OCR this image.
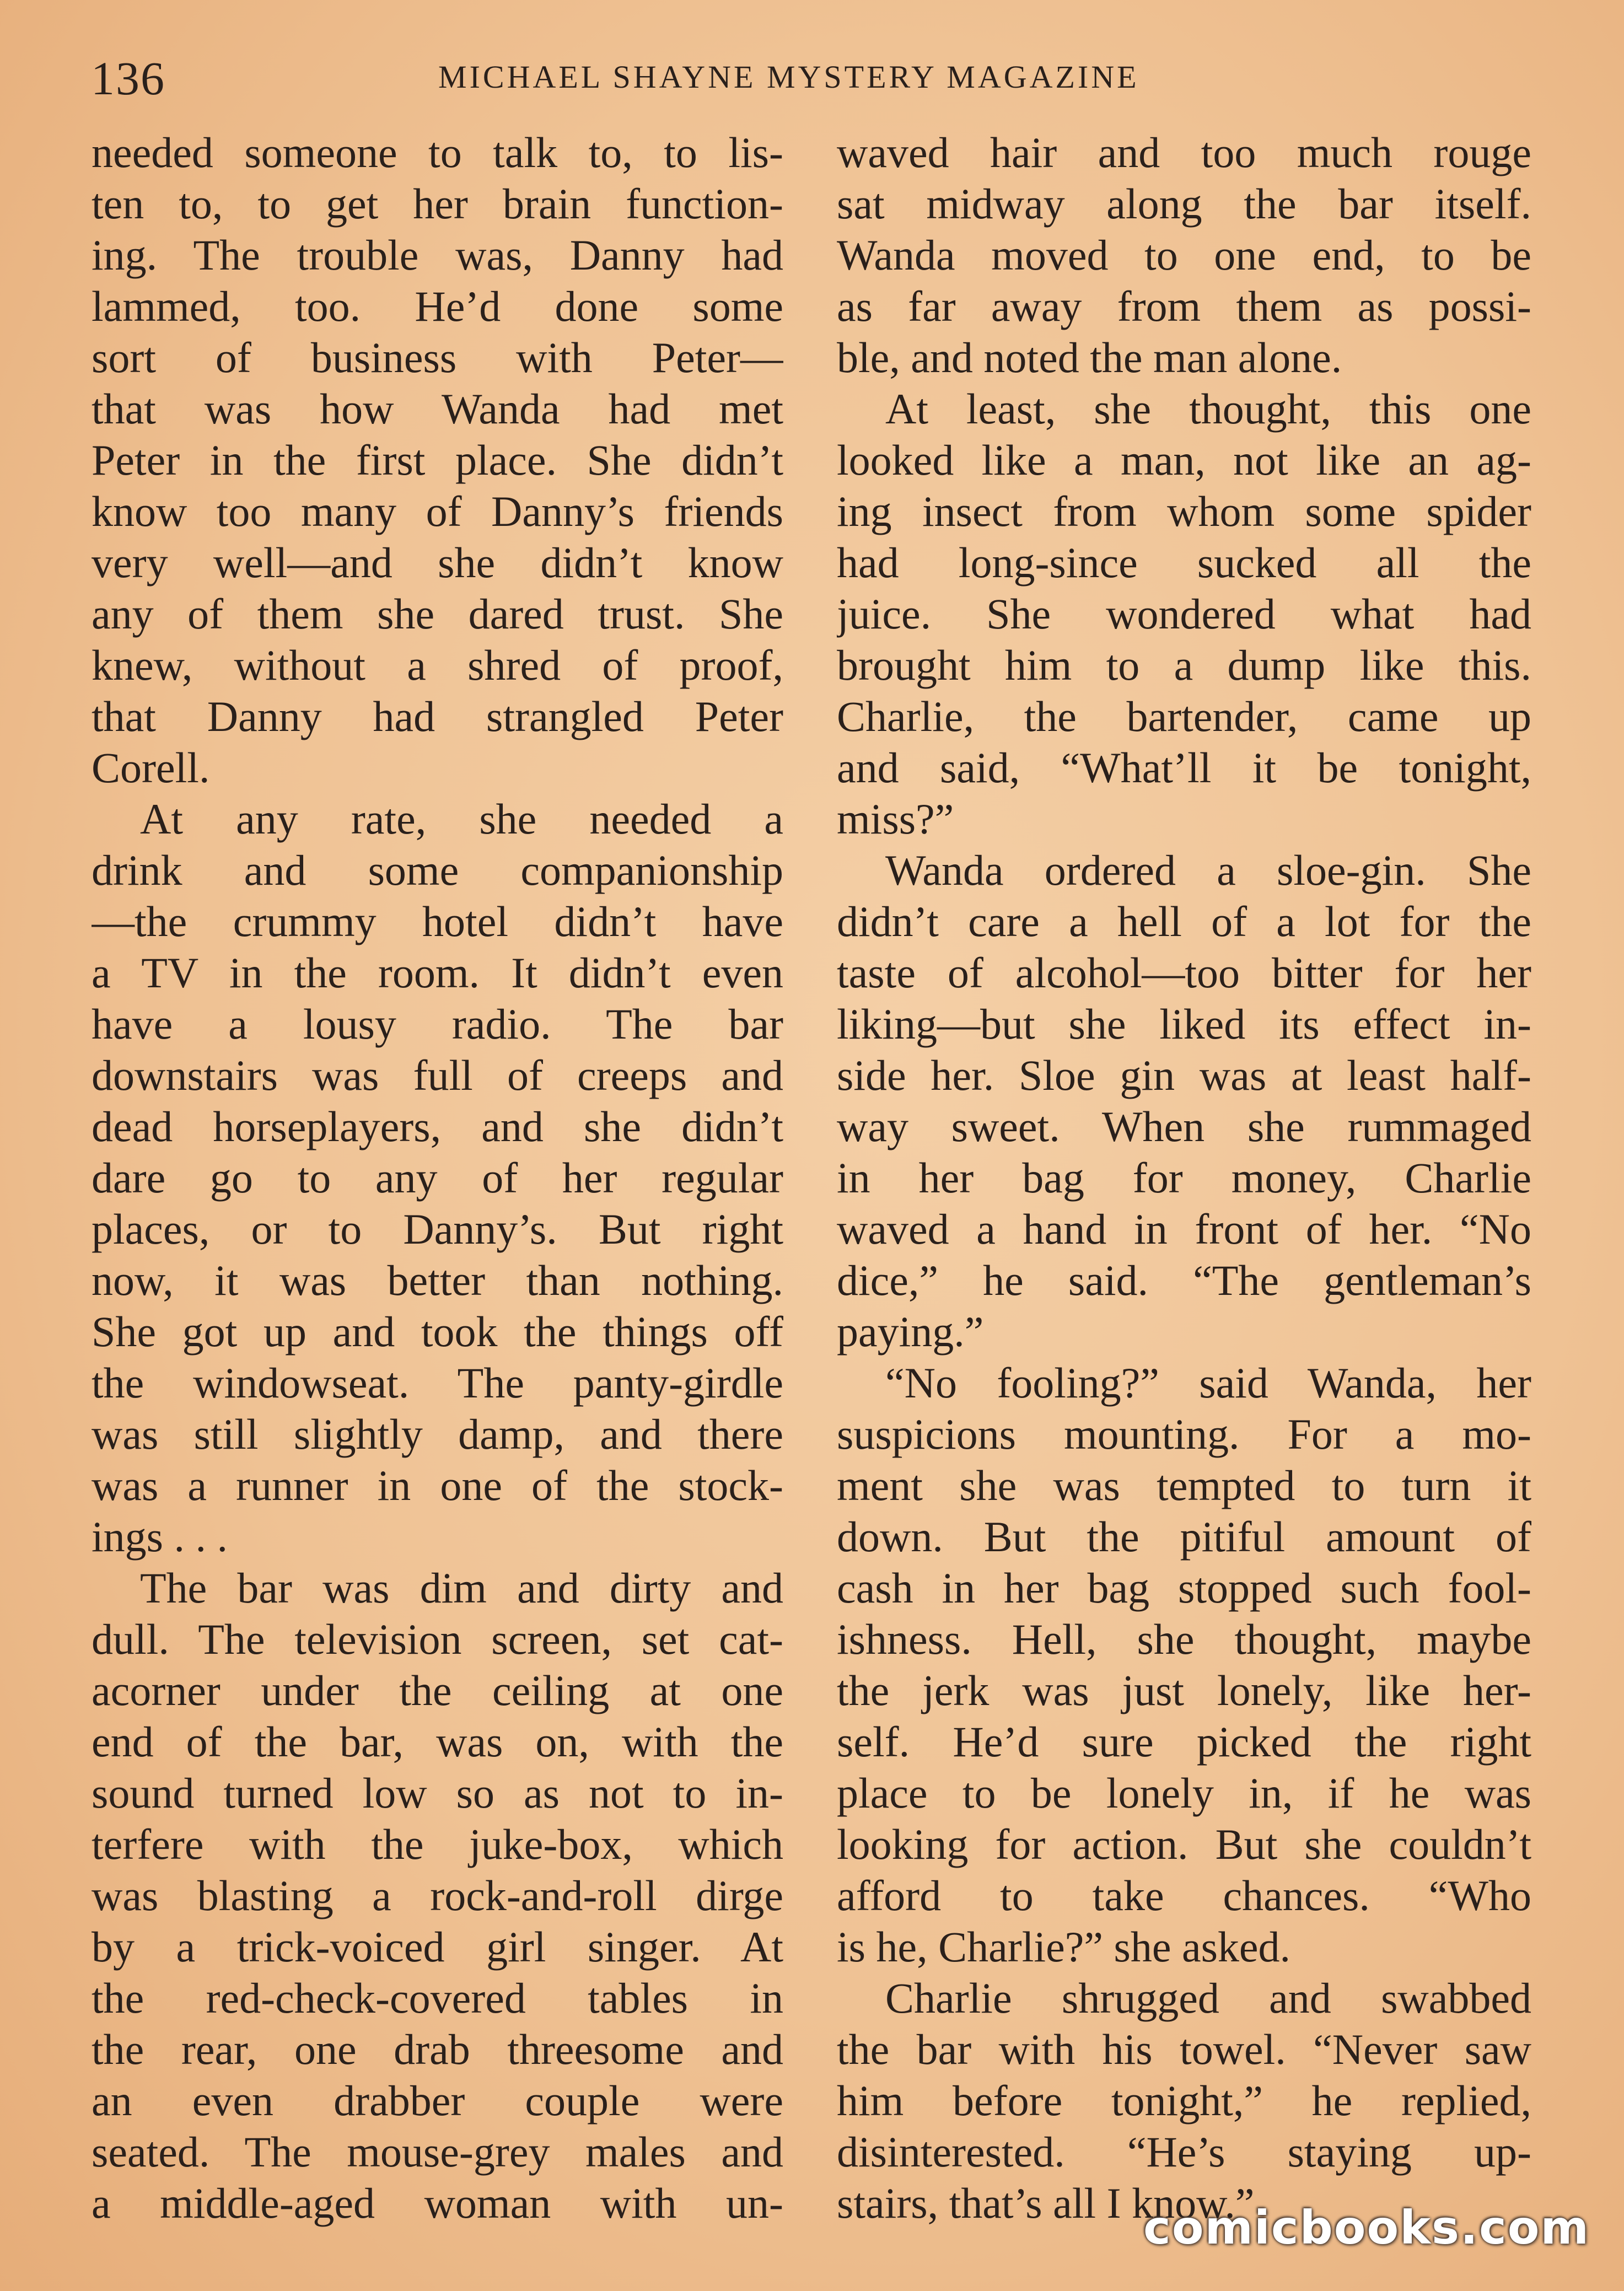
136	MICHAEL SHAYNE MYSTERY MAGAZINE
needed someone to talk to, to lis-
ten to, to get her brain function-
ing. The trouble was, Danny had
lammed, too. He’d done some
sort of business with Peter—
that was how Wanda had met
Peter in the first place. She didn’t
know too many of Danny’s friends
very well—and she didn’t know
any of them she dared trust. She
knew, without a shred of proof,
that Danny had strangled Peter
Corell.
At any rate, she needed a
drink and some companionship
—the crummy hotel didn’t have
a TV in the room. It didn’t even
have a lousy radio. The bar
downstairs was full of creeps and
dead horseplayers, and she didn’t
dare go to any of her regular
places, or to Danny’s. But right
now, it was better than nothing.
She got up and took the things off
the windowseat. The panty-girdle
was still slightly damp, and there
was a runner in one of the stock-
ings . . .
The bar was dim and dirty and
dull. The television screen, set cat-
acorner under the ceiling at one
end of the bar, was on, with the
sound turned low so as not to in-
terfere with the juke-box, which
was blasting a rock-and-roll dirge
by a trick-voiced girl singer. At
the red-check-covered tables in
the rear, one drab threesome and
an even drabber couple were
seated. The mouse-grey males and
a middle-aged woman with un-
waved hair and too much rouge
sat midway along the bar itself.
Wanda moved to one end, to be
as far away from them as possi-
ble, and noted the man alone.
At least, she thought, this one
looked like a man, not like an ag-
ing insect from whom some spider
had long-since sucked all the
juice. She wondered what had
brought him to a dump like this.
Charlie, the bartender, came up
and said, “What’ll it be tonight,
miss?”
Wanda ordered a sloe-gin. She
didn’t care a hell of a lot for the
taste of alcohol—too bitter for her
liking—but she liked its effect in-
side her. Sloe gin was at least half-
way sweet. When she rummaged
in her bag for money, Charlie
waved a hand in front of her. “No
dice,” he said. “The gentleman’s
paying.”
“No fooling?” said Wanda, her
suspicions mounting. For a mo-
ment she was tempted to turn it
down. But the pitiful amount of
cash in her bag stopped such fool-
ishness. Hell, she thought, maybe
the jerk was just lonely, like her-
self. He’d sure picked the right
place to be lonely in, if he was
looking for action. But she couldn’t
afford to take chances. “Who
is he, Charlie?” she asked.
Charlie shrugged and swabbed
the bar with his towel. “Never saw
him before tonight,” he replied,
disinterested. “He’s staying up-
stairs, that’s all I know.”
comicbooks.com
